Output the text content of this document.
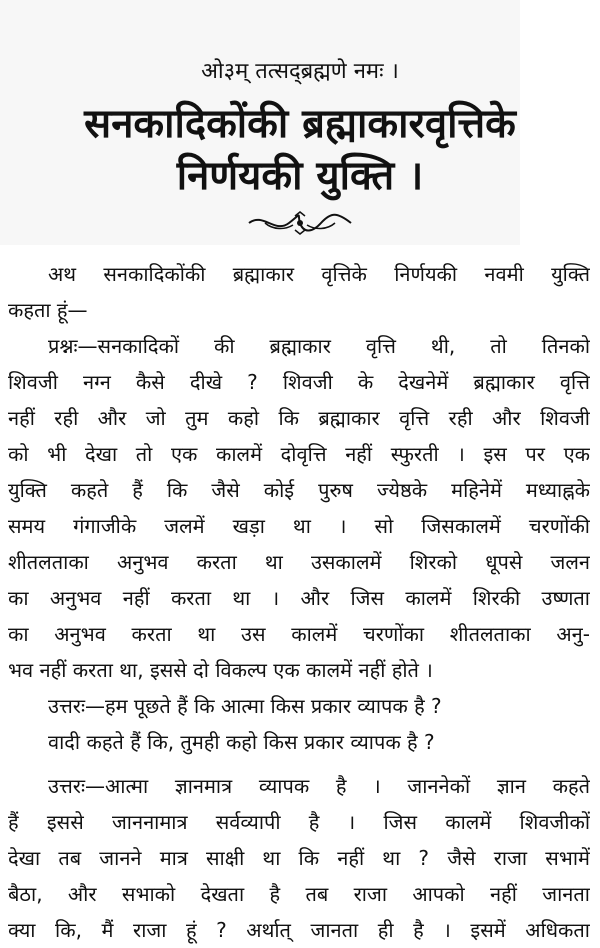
ओ३म् तत्सद्ब्रह्मणे नमः ।
सनकादिकोंकी ब्रह्माकारवृत्तिके
निर्णयकी युक्ति ।
अथ सनकादिकोंकी ब्रह्माकार वृत्तिके निर्णयकी नवमी युक्ति
कहता हूं—
प्रश्नः—सनकादिकों की ब्रह्माकार वृत्ति थी, तो तिनको
शिवजी नग्न कैसे दीखे ? शिवजी के देखनेमें ब्रह्माकार वृत्ति
नहीं रही और जो तुम कहो कि ब्रह्माकार वृत्ति रही और शिवजी
को भी देखा तो एक कालमें दोवृत्ति नहीं स्फुरती । इस पर एक
युक्ति कहते हैं कि जैसे कोई पुरुष ज्येष्ठके महिनेमें मध्याह्नके
समय गंगाजीके जलमें खड़ा था । सो जिसकालमें चरणोंकी
शीतलताका अनुभव करता था उसकालमें शिरको धूपसे जलन
का अनुभव नहीं करता था । और जिस कालमें शिरकी उष्णता
का अनुभव करता था उस कालमें चरणोंका शीतलताका अनु-
भव नहीं करता था, इससे दो विकल्प एक कालमें नहीं होते ।
उत्तरः—हम पूछते हैं कि आत्मा किस प्रकार व्यापक है ?
वादी कहते हैं कि, तुमही कहो किस प्रकार व्यापक है ?
उत्तरः—आत्मा ज्ञानमात्र व्यापक है । जाननेकों ज्ञान कहते
हैं इससे जाननामात्र सर्वव्यापी है । जिस कालमें शिवजीकों
देखा तब जानने मात्र साक्षी था कि नहीं था ? जैसे राजा सभामें
बैठा, और सभाको देखता है तब राजा आपको नहीं जानता
क्या कि, मैं राजा हूं ? अर्थात् जानता ही है । इसमें अधिकता
